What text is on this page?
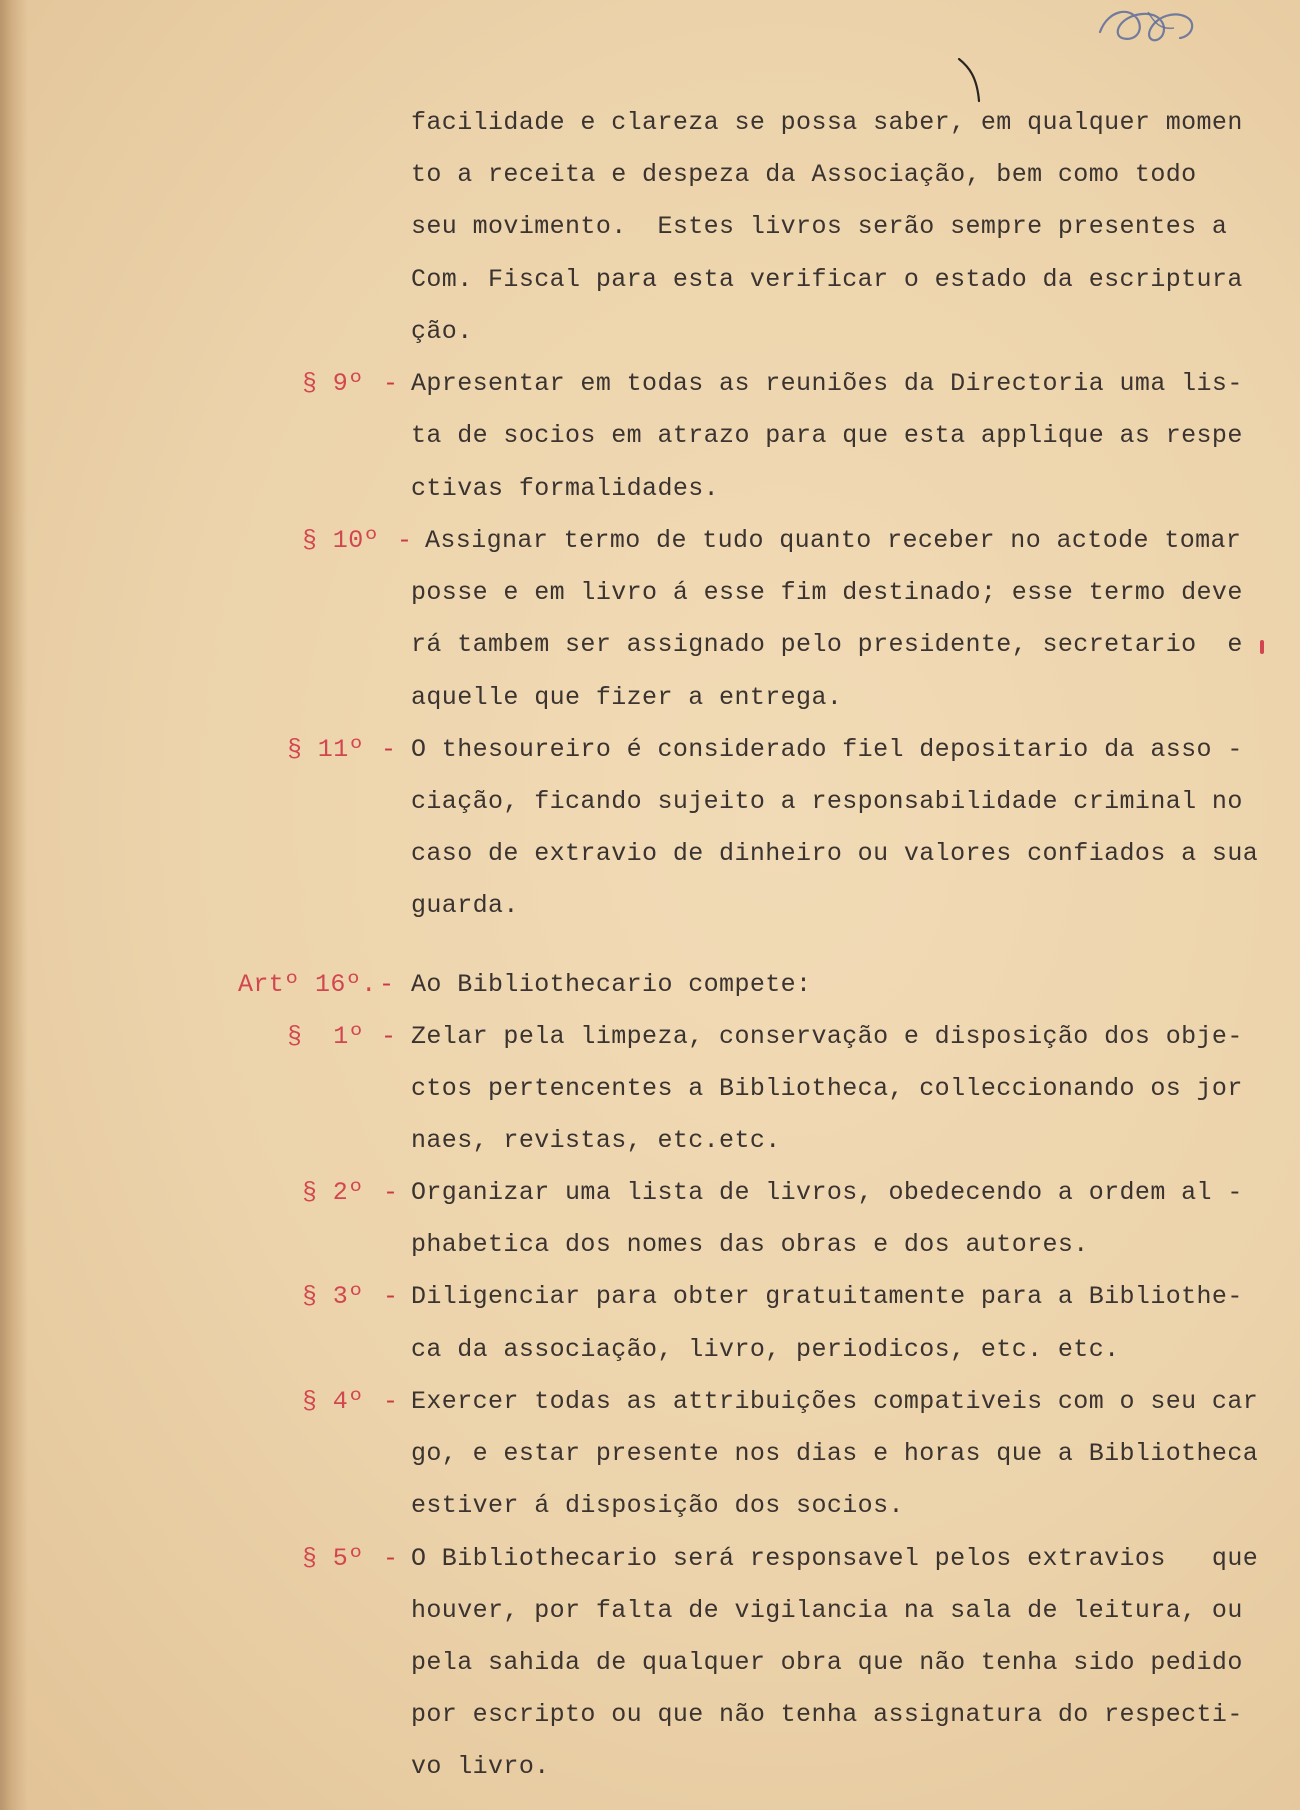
facilidade e clareza se possa saber, em qualquer momen
to a receita e despeza da Associação, bem como todo
seu movimento.  Estes livros serão sempre presentes a
Com. Fiscal para esta verificar o estado da escriptura
ção.
§ 9º - Apresentar em todas as reuniões da Directoria uma lis-
ta de socios em atrazo para que esta applique as respe
ctivas formalidades.
§ 10º - Assignar termo de tudo quanto receber no actode tomar
posse e em livro á esse fim destinado; esse termo deve
rá tambem ser assignado pelo presidente, secretario  e
aquelle que fizer a entrega.
§ 11º - O thesoureiro é considerado fiel depositario da asso -
ciação, ficando sujeito a responsabilidade criminal no
caso de extravio de dinheiro ou valores confiados a sua
guarda.
Artº 16º. - Ao Bibliothecario compete:
§  1º - Zelar pela limpeza, conservação e disposição dos obje-
ctos pertencentes a Bibliotheca, colleccionando os jor
naes, revistas, etc.etc.
§ 2º - Organizar uma lista de livros, obedecendo a ordem al -
phabetica dos nomes das obras e dos autores.
§ 3º - Diligenciar para obter gratuitamente para a Bibliothe-
ca da associação, livro, periodicos, etc. etc.
§ 4º - Exercer todas as attribuições compativeis com o seu car
go, e estar presente nos dias e horas que a Bibliotheca
estiver á disposição dos socios.
§ 5º - O Bibliothecario será responsavel pelos extravios   que
houver, por falta de vigilancia na sala de leitura, ou
pela sahida de qualquer obra que não tenha sido pedido
por escripto ou que não tenha assignatura do respecti-
vo livro.
